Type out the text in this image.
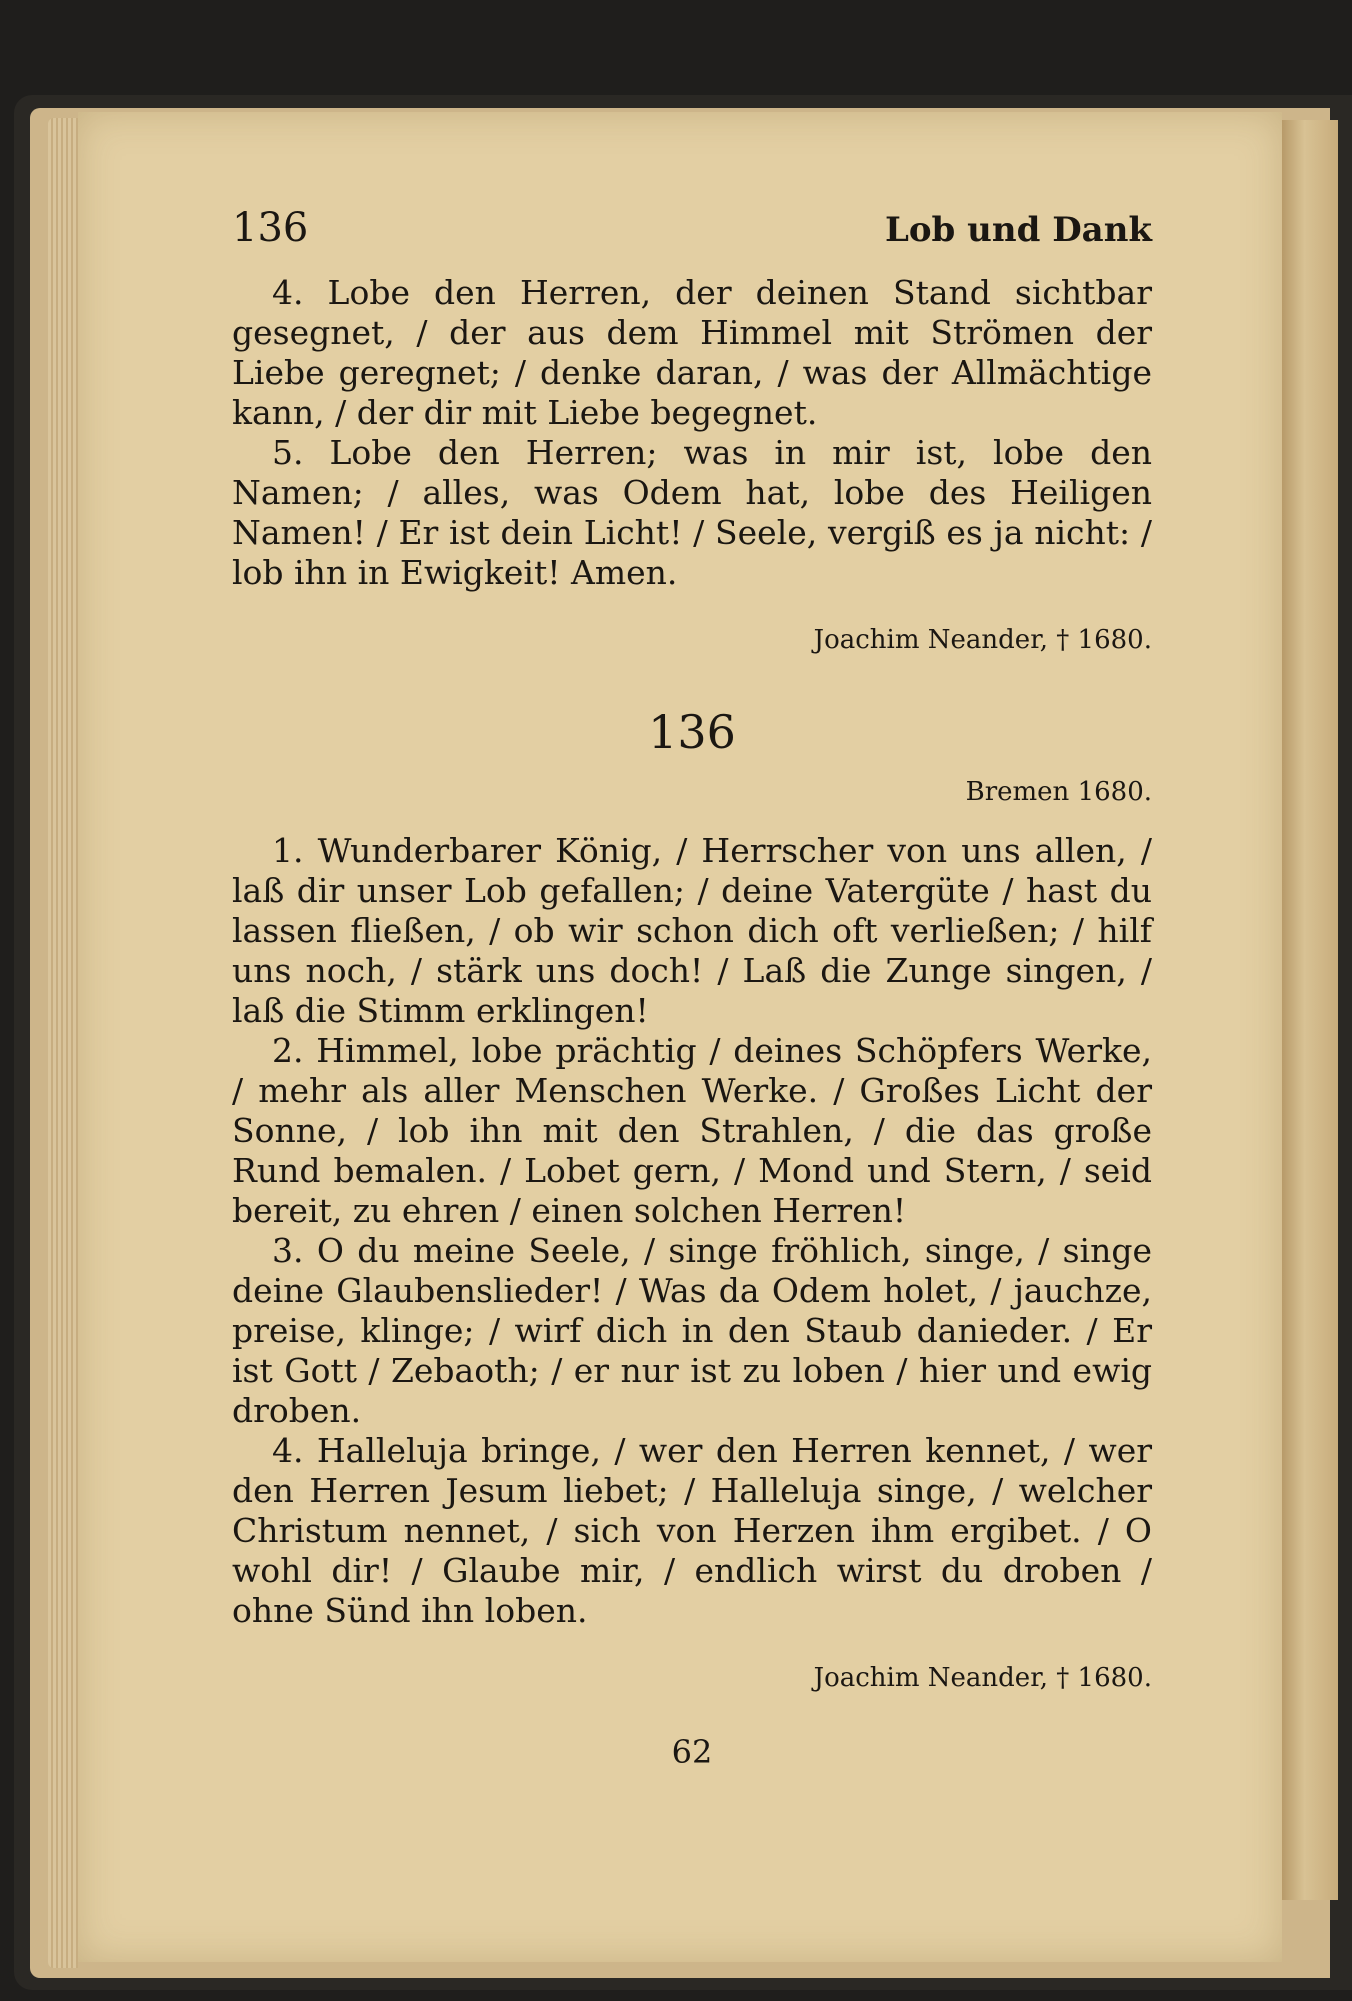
136	Lob und Dank

4. Lobe den Herren, der deinen Stand sichtbar gesegnet, / der aus dem Himmel mit Strömen der Liebe geregnet; / denke daran, / was der Allmächtige kann, / der dir mit Liebe begegnet.

5. Lobe den Herren; was in mir ist, lobe den Namen; / alles, was Odem hat, lobe des Heiligen Namen! / Er ist dein Licht! / Seele, vergiß es ja nicht: / lob ihn in Ewigkeit! Amen.

Joachim Neander, † 1680.
136
Bremen 1680.

1. Wunderbarer König, / Herrscher von uns allen, / laß dir unser Lob gefallen; / deine Vatergüte / hast du lassen fließen, / ob wir schon dich oft verließen; / hilf uns noch, / stärk uns doch! / Laß die Zunge singen, / laß die Stimm erklingen!

2. Himmel, lobe prächtig / deines Schöpfers Werke, / mehr als aller Menschen Werke. / Großes Licht der Sonne, / lob ihn mit den Strahlen, / die das große Rund bemalen. / Lobet gern, / Mond und Stern, / seid bereit, zu ehren / einen solchen Herren!

3. O du meine Seele, / singe fröhlich, singe, / singe deine Glaubenslieder! / Was da Odem holet, / jauchze, preise, klinge; / wirf dich in den Staub danieder. / Er ist Gott / Zebaoth; / er nur ist zu loben / hier und ewig droben.

4. Halleluja bringe, / wer den Herren kennet, / wer den Herren Jesum liebet; / Halleluja singe, / welcher Christum nennet, / sich von Herzen ihm ergibet. / O wohl dir! / Glaube mir, / endlich wirst du droben / ohne Sünd ihn loben.

Joachim Neander, † 1680.
62
